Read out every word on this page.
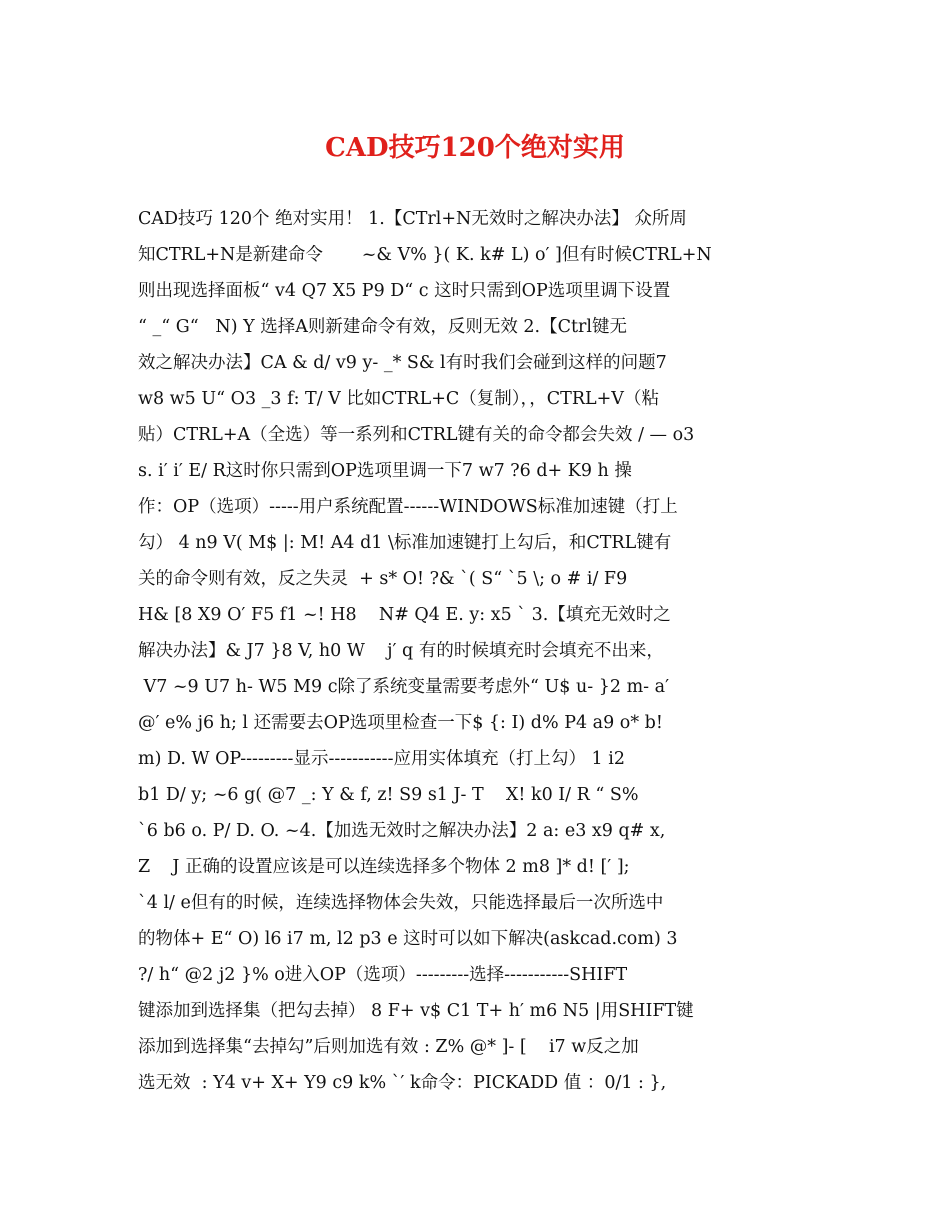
CAD技巧120个绝对实用
CAD技巧 120个 绝对实用！ 1.【CTrl+N无效时之解决办法】 众所周
知CTRL+N是新建命令       ~& V% }( K. k# L) o′ ]但有时候CTRL+N
则出现选择面板“ v4 Q7 X5 P9 D“ c 这时只需到OP选项里调下设置
“ _“ G“   N) Y 选择A则新建命令有效，反则无效 2.【Ctrl键无
效之解决办法】CA & d/ v9 y- _* S& l有时我们会碰到这样的问题7
w8 w5 U“ O3 _3 f: T/ V 比如CTRL+C（复制），，CTRL+V（粘
贴）CTRL+A（全选）等一系列和CTRL键有关的命令都会失效 / — o3
s. i′ i′ E/ R这时你只需到OP选项里调一下7 w7 ?6 d+ K9 h 操
作：OP（选项）-----用户系统配置------WINDOWS标准加速键（打上
勾） 4 n9 V( M$ |: M! A4 d1 \标准加速键打上勾后，和CTRL键有
关的命令则有效，反之失灵  + s* O! ?& `( S“ `5 \; o # i/ F9
H& [8 X9 O′ F5 f1 ~! H8    N# Q4 E. y: x5 ` 3.【填充无效时之
解决办法】& J7 }8 V, h0 W    j′ q 有的时候填充时会填充不出来，
V7 ~9 U7 h- W5 M9 c除了系统变量需要考虑外“ U$ u- }2 m- a′
@′ e% j6 h; l 还需要去OP选项里检查一下$ {: I) d% P4 a9 o* b!
m) D. W OP---------显示-----------应用实体填充（打上勾） 1 i2
b1 D/ y; ~6 g( @7 _: Y & f, z! S9 s1 J- T    X! k0 I/ R “ S%
`6 b6 o. P/ D. O. ~4.【加选无效时之解决办法】2 a: e3 x9 q# x,
Z    J 正确的设置应该是可以连续选择多个物体 2 m8 ]* d! [′ ];
`4 l/ e但有的时候，连续选择物体会失效，只能选择最后一次所选中
的物体+ E“ O) l6 i7 m, l2 p3 e 这时可以如下解决(askcad.com) 3
?/ h“ @2 j2 }% o进入OP（选项）---------选择-----------SHIFT
键添加到选择集（把勾去掉） 8 F+ v$ C1 T+ h′ m6 N5 |用SHIFT键
添加到选择集“去掉勾”后则加选有效 : Z% @* ]- [    i7 w反之加
选无效  : Y4 v+ X+ Y9 c9 k% `′ k命令：PICKADD 值 ：0/1 : },
